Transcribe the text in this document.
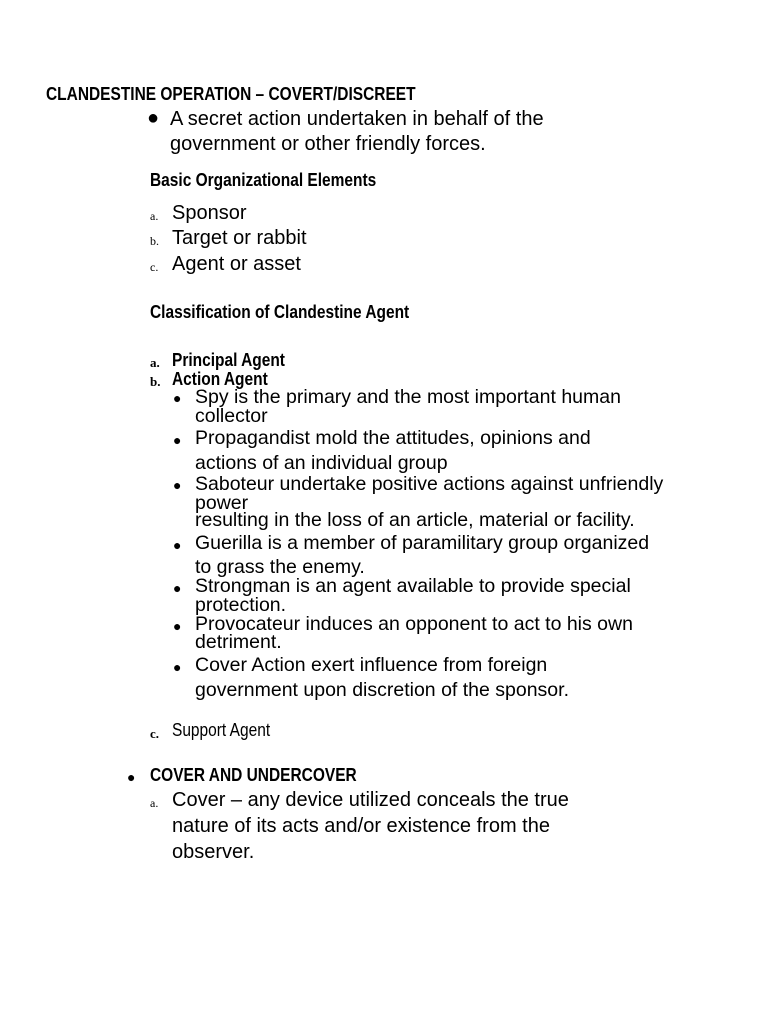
CLANDESTINE OPERATION – COVERT/DISCREET
● A secret action undertaken in behalf of the
government or other friendly forces.
Basic Organizational Elements
a. Sponsor
b. Target or rabbit
c. Agent or asset
Classification of Clandestine Agent
a. Principal Agent
b. Action Agent
● Spy is the primary and the most important human
collector
● Propagandist mold the attitudes, opinions and
actions of an individual group
● Saboteur undertake positive actions against unfriendly
power
resulting in the loss of an article, material or facility.
● Guerilla is a member of paramilitary group organized
to grass the enemy.
● Strongman is an agent available to provide special
protection.
● Provocateur induces an opponent to act to his own
detriment.
● Cover Action exert influence from foreign
government upon discretion of the sponsor.
c. Support Agent
● COVER AND UNDERCOVER
a. Cover – any device utilized conceals the true
nature of its acts and/or existence from the
observer.
